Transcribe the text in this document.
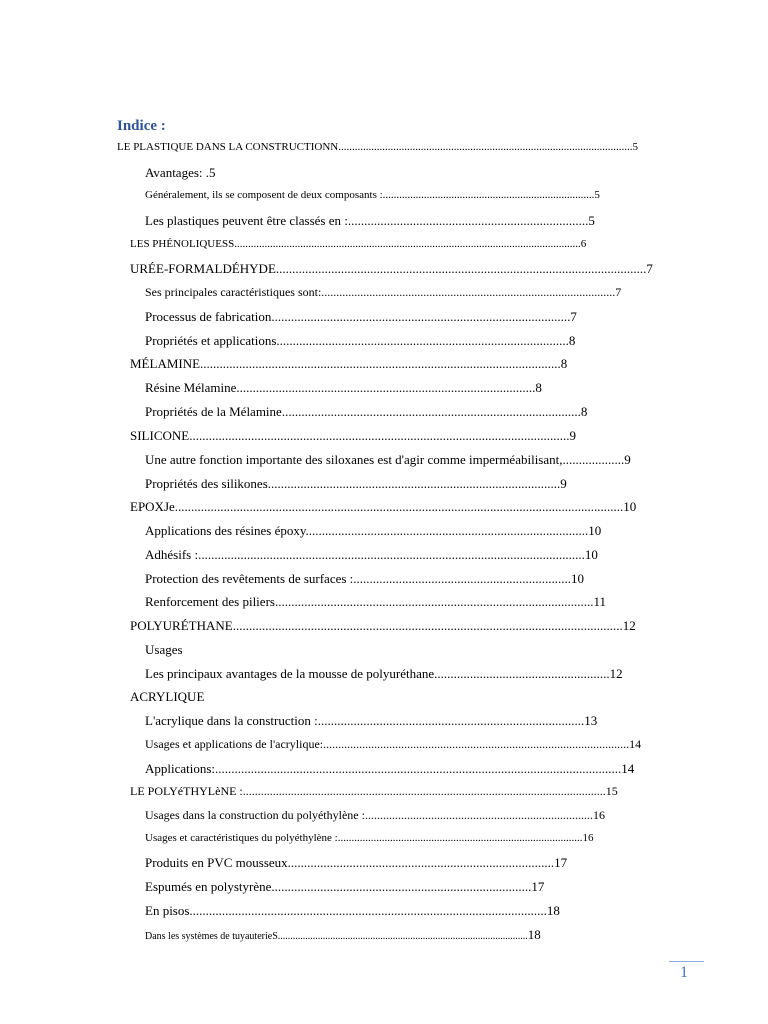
Indice :
LE PLASTIQUE DANS LA CONSTRUCTIONN...........................................................................................................5
Avantages: .5
Généralement, ils se composent de deux composants :.............................................................................5
Les plastiques peuvent être classés en :..........................................................................5
LES PHÉNOLIQUESS..............................................................................................................................6
URÉE-FORMALDÉHYDE..................................................................................................................7
Ses principales caractéristiques sont:..................................................................................................7
Processus de fabrication............................................................................................7
Propriétés et applications..........................................................................................8
MÉLAMINE...............................................................................................................8
Résine Mélamine............................................................................................8
Propriétés de la Mélamine............................................................................................8
SILICONE.....................................................................................................................9
Une autre fonction importante des siloxanes est d'agir comme imperméabilisant,...................9
Propriétés des silikones..........................................................................................9
EPOXJe..........................................................................................................................................10
Applications des résines époxy.......................................................................................10
Adhésifs :.......................................................................................................................10
Protection des revêtements de surfaces :...................................................................10
Renforcement des piliers..................................................................................................11
POLYURÉTHANE........................................................................................................................12
Usages
Les principaux avantages de la mousse de polyuréthane......................................................12
ACRYLIQUE
L'acrylique dans la construction :..................................................................................13
Usages et applications de l'acrylique:......................................................................................................14
Applications:.............................................................................................................................14
LE POLYéTHYLèNE :.........................................................................................................................15
Usages dans la construction du polyéthylène :............................................................................16
Usages et caractéristiques du polyéthylène :.........................................................................................16
Produits en PVC mousseux..................................................................................17
Espumés en polystyrène................................................................................17
En pisos..............................................................................................................18
Dans les systèmes de tuyauterieS....................................................................................................18
1
